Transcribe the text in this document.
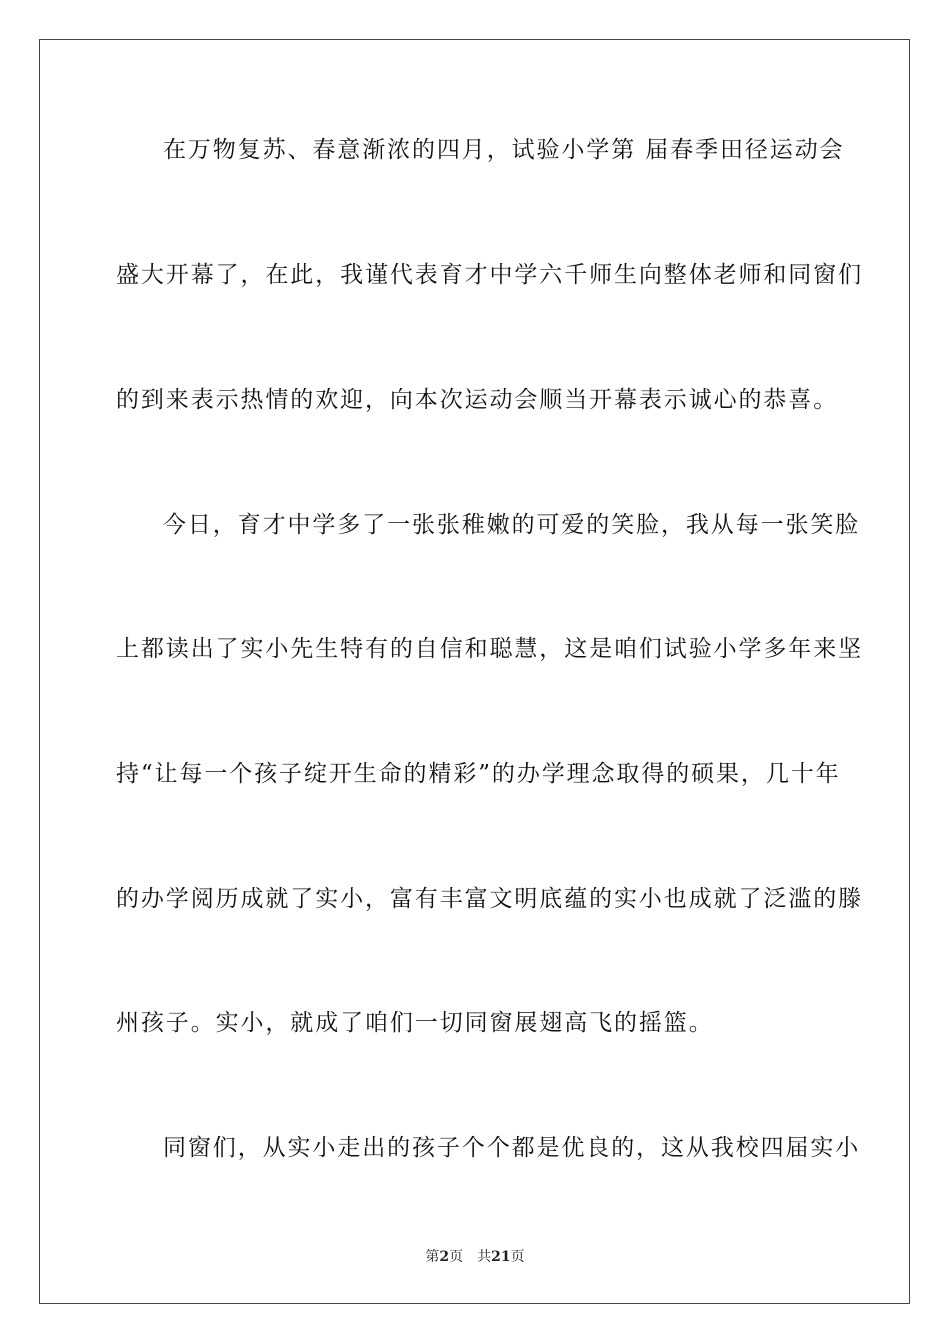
在万物复苏、春意渐浓的四月，试验小学第 届春季田径运动会
盛大开幕了，在此，我谨代表育才中学六千师生向整体老师和同窗们
的到来表示热情的欢迎，向本次运动会顺当开幕表示诚心的恭喜。
今日，育才中学多了一张张稚嫩的可爱的笑脸，我从每一张笑脸
上都读出了实小先生特有的自信和聪慧，这是咱们试验小学多年来坚
持“让每一个孩子绽开生命的精彩”的办学理念取得的硕果，几十年
的办学阅历成就了实小，富有丰富文明底蕴的实小也成就了泛滥的滕
州孩子。实小，就成了咱们一切同窗展翅高飞的摇篮。
同窗们，从实小走出的孩子个个都是优良的，这从我校四届实小
第2页 共21页
